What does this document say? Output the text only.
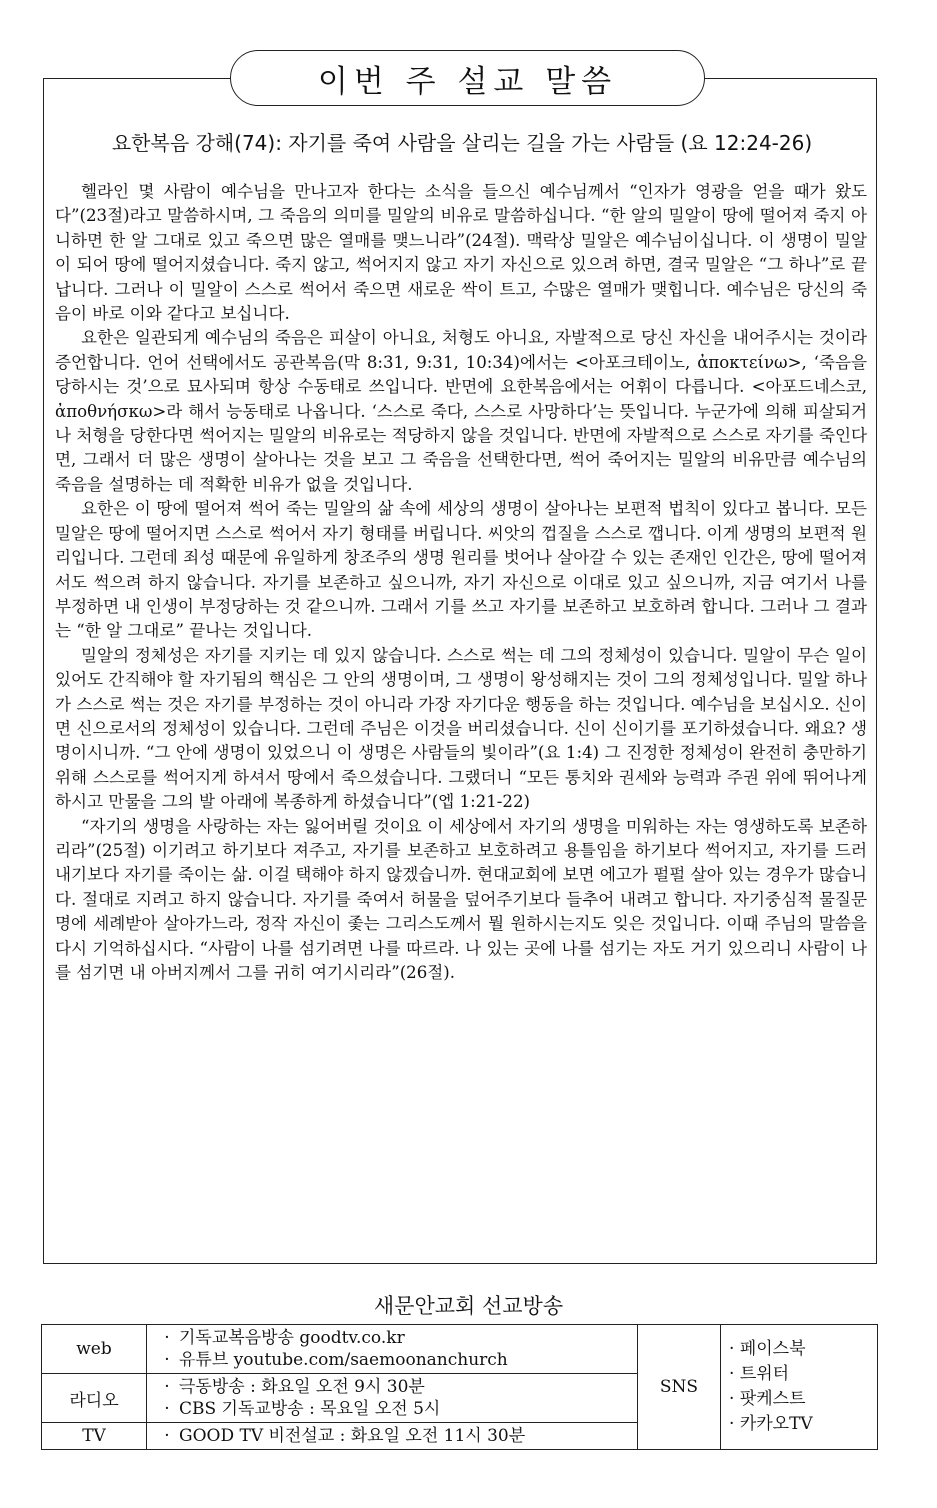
이번 주 설교 말씀
요한복음 강해(74): 자기를 죽여 사람을 살리는 길을 가는 사람들 (요 12:24-26)

헬라인 몇 사람이 예수님을 만나고자 한다는 소식을 들으신 예수님께서 “인자가 영광을 얻을 때가 왔도다”(23절)라고 말씀하시며, 그 죽음의 의미를 밀알의 비유로 말씀하십니다. “한 알의 밀알이 땅에 떨어져 죽지 아니하면 한 알 그대로 있고 죽으면 많은 열매를 맺느니라”(24절). 맥락상 밀알은 예수님이십니다. 이 생명이 밀알이 되어 땅에 떨어지셨습니다. 죽지 않고, 썩어지지 않고 자기 자신으로 있으려 하면, 결국 밀알은 “그 하나”로 끝납니다. 그러나 이 밀알이 스스로 썩어서 죽으면 새로운 싹이 트고, 수많은 열매가 맺힙니다. 예수님은 당신의 죽음이 바로 이와 같다고 보십니다.

요한은 일관되게 예수님의 죽음은 피살이 아니요, 처형도 아니요, 자발적으로 당신 자신을 내어주시는 것이라 증언합니다. 언어 선택에서도 공관복음(막 8:31, 9:31, 10:34)에서는 <아포크테이노, ἀποκτείνω>, ‘죽음을 당하시는 것’으로 묘사되며 항상 수동태로 쓰입니다. 반면에 요한복음에서는 어휘이 다릅니다. <아포드네스코, ἀποθνήσκω>라 해서 능동태로 나옵니다. ‘스스로 죽다, 스스로 사망하다’는 뜻입니다. 누군가에 의해 피살되거나 처형을 당한다면 썩어지는 밀알의 비유로는 적당하지 않을 것입니다. 반면에 자발적으로 스스로 자기를 죽인다면, 그래서 더 많은 생명이 살아나는 것을 보고 그 죽음을 선택한다면, 썩어 죽어지는 밀알의 비유만큼 예수님의 죽음을 설명하는 데 적확한 비유가 없을 것입니다.

요한은 이 땅에 떨어져 썩어 죽는 밀알의 삶 속에 세상의 생명이 살아나는 보편적 법칙이 있다고 봅니다. 모든 밀알은 땅에 떨어지면 스스로 썩어서 자기 형태를 버립니다. 씨앗의 껍질을 스스로 깹니다. 이게 생명의 보편적 원리입니다. 그런데 죄성 때문에 유일하게 창조주의 생명 원리를 벗어나 살아갈 수 있는 존재인 인간은, 땅에 떨어져서도 썩으려 하지 않습니다. 자기를 보존하고 싶으니까, 자기 자신으로 이대로 있고 싶으니까, 지금 여기서 나를 부정하면 내 인생이 부정당하는 것 같으니까. 그래서 기를 쓰고 자기를 보존하고 보호하려 합니다. 그러나 그 결과는 “한 알 그대로” 끝나는 것입니다.

밀알의 정체성은 자기를 지키는 데 있지 않습니다. 스스로 썩는 데 그의 정체성이 있습니다. 밀알이 무슨 일이 있어도 간직해야 할 자기됨의 핵심은 그 안의 생명이며, 그 생명이 왕성해지는 것이 그의 정체성입니다. 밀알 하나가 스스로 썩는 것은 자기를 부정하는 것이 아니라 가장 자기다운 행동을 하는 것입니다. 예수님을 보십시오. 신이면 신으로서의 정체성이 있습니다. 그런데 주님은 이것을 버리셨습니다. 신이 신이기를 포기하셨습니다. 왜요? 생명이시니까. “그 안에 생명이 있었으니 이 생명은 사람들의 빛이라”(요 1:4) 그 진정한 정체성이 완전히 충만하기 위해 스스로를 썩어지게 하셔서 땅에서 죽으셨습니다. 그랬더니 “모든 통치와 권세와 능력과 주권 위에 뛰어나게 하시고 만물을 그의 발 아래에 복종하게 하셨습니다”(엡 1:21-22)

“자기의 생명을 사랑하는 자는 잃어버릴 것이요 이 세상에서 자기의 생명을 미워하는 자는 영생하도록 보존하리라”(25절) 이기려고 하기보다 져주고, 자기를 보존하고 보호하려고 용틀임을 하기보다 썩어지고, 자기를 드러내기보다 자기를 죽이는 삶. 이걸 택해야 하지 않겠습니까. 현대교회에 보면 에고가 펄펄 살아 있는 경우가 많습니다. 절대로 지려고 하지 않습니다. 자기를 죽여서 허물을 덮어주기보다 들추어 내려고 합니다. 자기중심적 물질문명에 세례받아 살아가느라, 정작 자신이 좇는 그리스도께서 뭘 원하시는지도 잊은 것입니다. 이때 주님의 말씀을 다시 기억하십시다. “사람이 나를 섬기려면 나를 따르라. 나 있는 곳에 나를 섬기는 자도 거기 있으리니 사람이 나를 섬기면 내 아버지께서 그를 귀히 여기시리라”(26절).

새문안교회 선교방송
web	· 기독교복음방송 goodtv.co.kr
· 유튜브 youtube.com/saemoonanchurch	SNS	· 페이스북
· 트위터
· 팟케스트
· 카카오TV

라디오	· 극동방송 : 화요일 오전 9시 30분
· CBS 기독교방송 : 목요일 오전 5시

TV	· GOOD TV 비전설교 : 화요일 오전 11시 30분
